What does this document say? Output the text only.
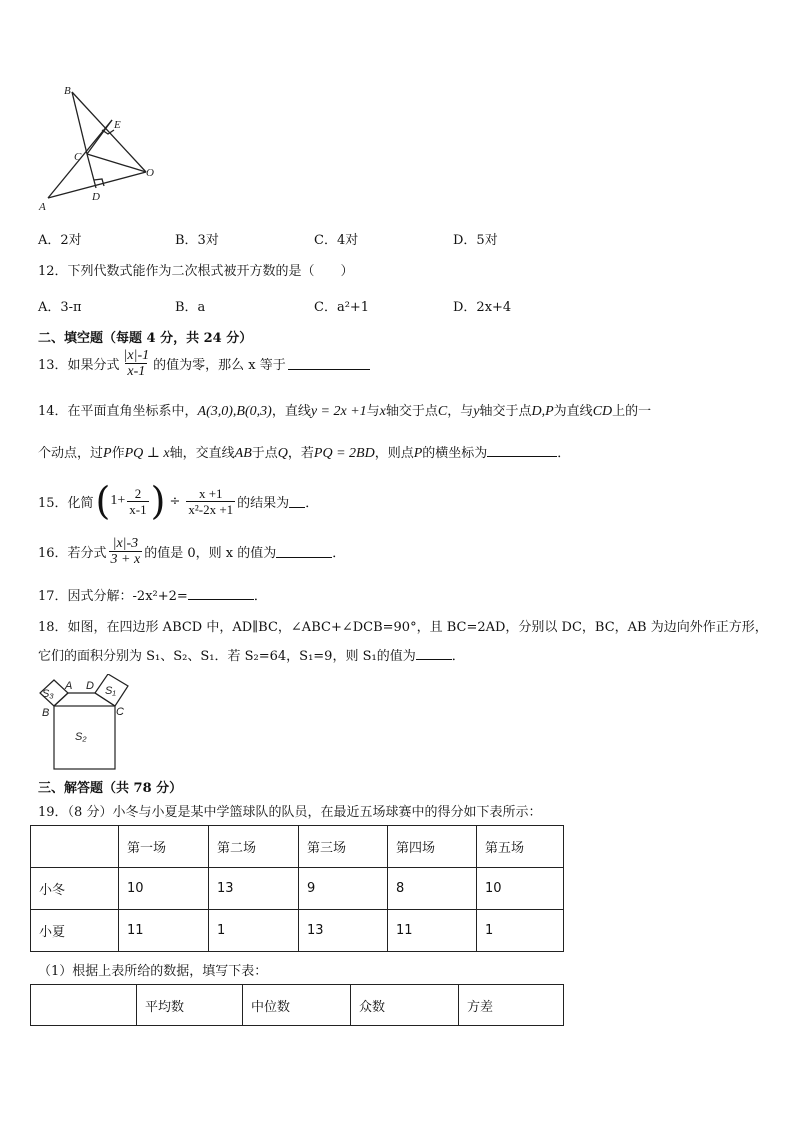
B
E
C
O
A
D
A．2对	B．3对	C．4对	D．5对
12．下列代数式能作为二次根式被开方数的是（　　）
A．3-π	B．a	C．a²+1	D．2x+4
二、填空题（每题 4 分，共 24 分）
13．如果分式 $\frac{|x|-1}{x-1}$ 的值为零，那么 x 等于
14．在平面直角坐标系中，A(3,0),B(0,3)，直线y = 2x +1与x轴交于点C，与y轴交于点D,P为直线CD上的一
个动点，过P作PQ ⊥ x轴，交直线AB于点Q，若PQ = 2BD，则点P的横坐标为	．
15．化简 ( $1+ \frac{2}{x-1}$ ) ÷ $\frac{x +1}{\text{x²-2x +1}}$ 的结果为 ．
16．若分式 $\frac{|x|-3}{3 + x}$ 的值是 0，则 x 的值为	．
17．因式分解：-2x²+2=	．
18．如图，在四边形 ABCD 中，AD∥BC，∠ABC+∠DCB=90°，且 BC=2AD，分别以 DC，BC，AB 为边向外作正方形，
它们的面积分别为 S₁、S₂、S₁．若 S₂=64，S₁=9，则 S₁的值为	．
S₃
A D S₁
B	C
S₂
三、解答题（共 78 分）
19．（8 分）小冬与小夏是某中学篮球队的队员，在最近五场球赛中的得分如下表所示：
	第一场	第二场	第三场	第四场	第五场
小冬	10	13	9	8	10
小夏	11	1	13	11	1
（1）根据上表所给的数据，填写下表：
	平均数	中位数	众数	方差
